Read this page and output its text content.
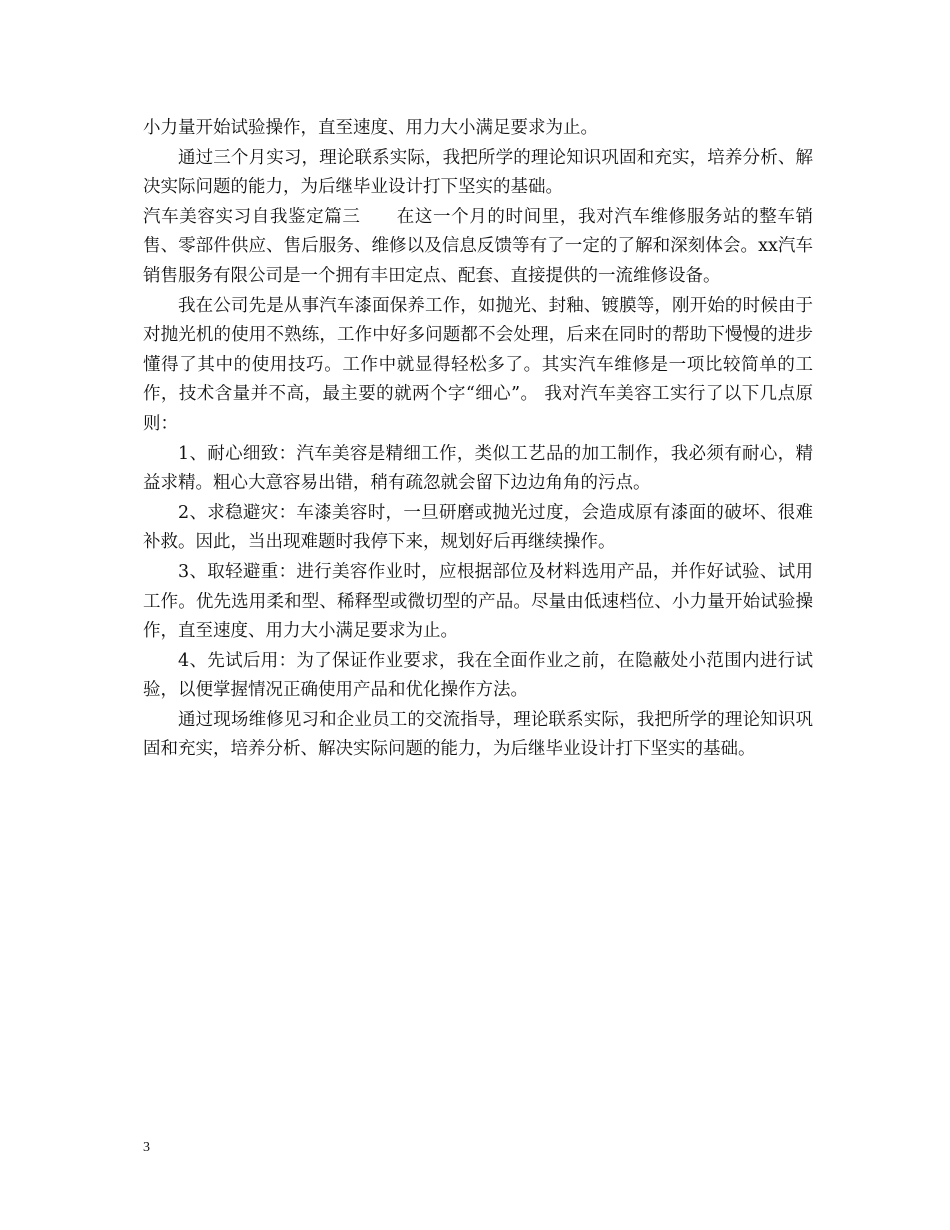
小力量开始试验操作，直至速度、用力大小满足要求为止。

通过三个月实习，理论联系实际，我把所学的理论知识巩固和充实，培养分析、解决实际问题的能力，为后继毕业设计打下坚实的基础。

汽车美容实习自我鉴定篇三　　在这一个月的时间里，我对汽车维修服务站的整车销售、零部件供应、售后服务、维修以及信息反馈等有了一定的了解和深刻体会。xx汽车销售服务有限公司是一个拥有丰田定点、配套、直接提供的一流维修设备。

我在公司先是从事汽车漆面保养工作，如抛光、封釉、镀膜等，刚开始的时候由于对抛光机的使用不熟练，工作中好多问题都不会处理，后来在同时的帮助下慢慢的进步懂得了其中的使用技巧。工作中就显得轻松多了。其实汽车维修是一项比较简单的工作，技术含量并不高，最主要的就两个字“细心”。 我对汽车美容工实行了以下几点原则：

1、耐心细致：汽车美容是精细工作，类似工艺品的加工制作，我必须有耐心，精益求精。粗心大意容易出错，稍有疏忽就会留下边边角角的污点。

2、求稳避灾：车漆美容时，一旦研磨或抛光过度，会造成原有漆面的破坏、很难补救。因此，当出现难题时我停下来，规划好后再继续操作。

3、取轻避重：进行美容作业时，应根据部位及材料选用产品，并作好试验、试用工作。优先选用柔和型、稀释型或微切型的产品。尽量由低速档位、小力量开始试验操作，直至速度、用力大小满足要求为止。

4、先试后用：为了保证作业要求，我在全面作业之前，在隐蔽处小范围内进行试验，以便掌握情况正确使用产品和优化操作方法。

通过现场维修见习和企业员工的交流指导，理论联系实际，我把所学的理论知识巩固和充实，培养分析、解决实际问题的能力，为后继毕业设计打下坚实的基础。

3
